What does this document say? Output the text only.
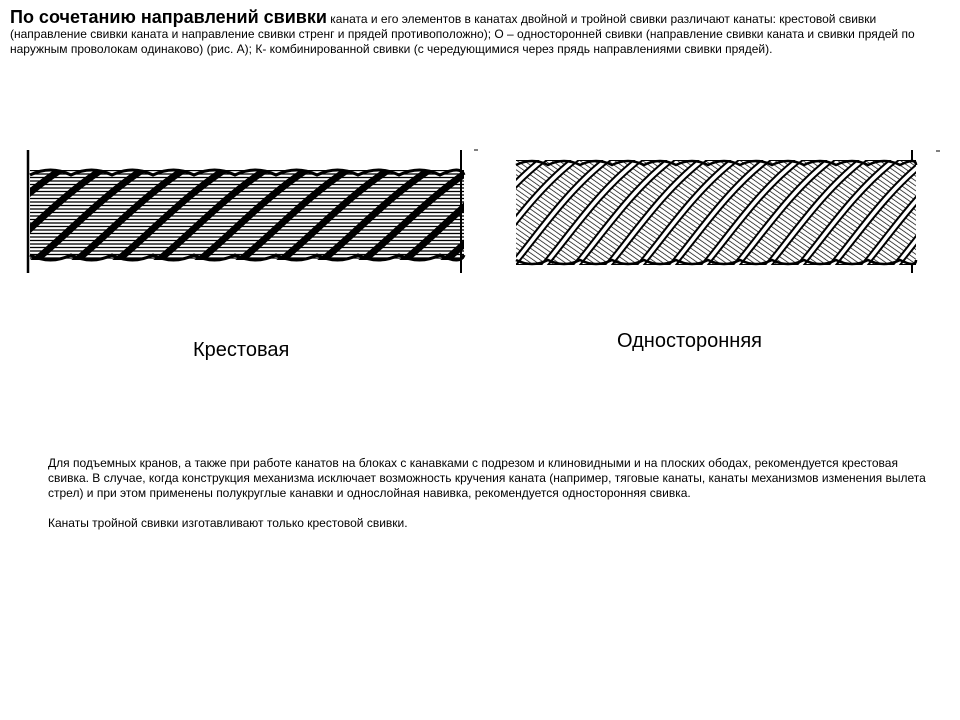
По сочетанию направлений свивки каната и его элементов в канатах двойной и тройной свивки различают канаты: крестовой свивки (направление свивки каната и направление свивки стренг и прядей противоположно); О – односторонней свивки (направление свивки каната и свивки прядей по наружным проволокам одинаково) (рис. А); К- комбинированной свивки (с чередующимися через прядь направлениями свивки прядей).

Крестовая	Односторонняя

Для подъемных кранов, а также при работе канатов на блоках с канавками с подрезом и клиновидными и на плоских ободах, рекомендуется крестовая свивка. В случае, когда конструкция механизма исключает возможность кручения каната (например, тяговые канаты, канаты механизмов изменения вылета стрел) и при этом применены полукруглые канавки и однослойная навивка, рекомендуется односторонняя свивка.

Канаты тройной свивки изготавливают только крестовой свивки.
